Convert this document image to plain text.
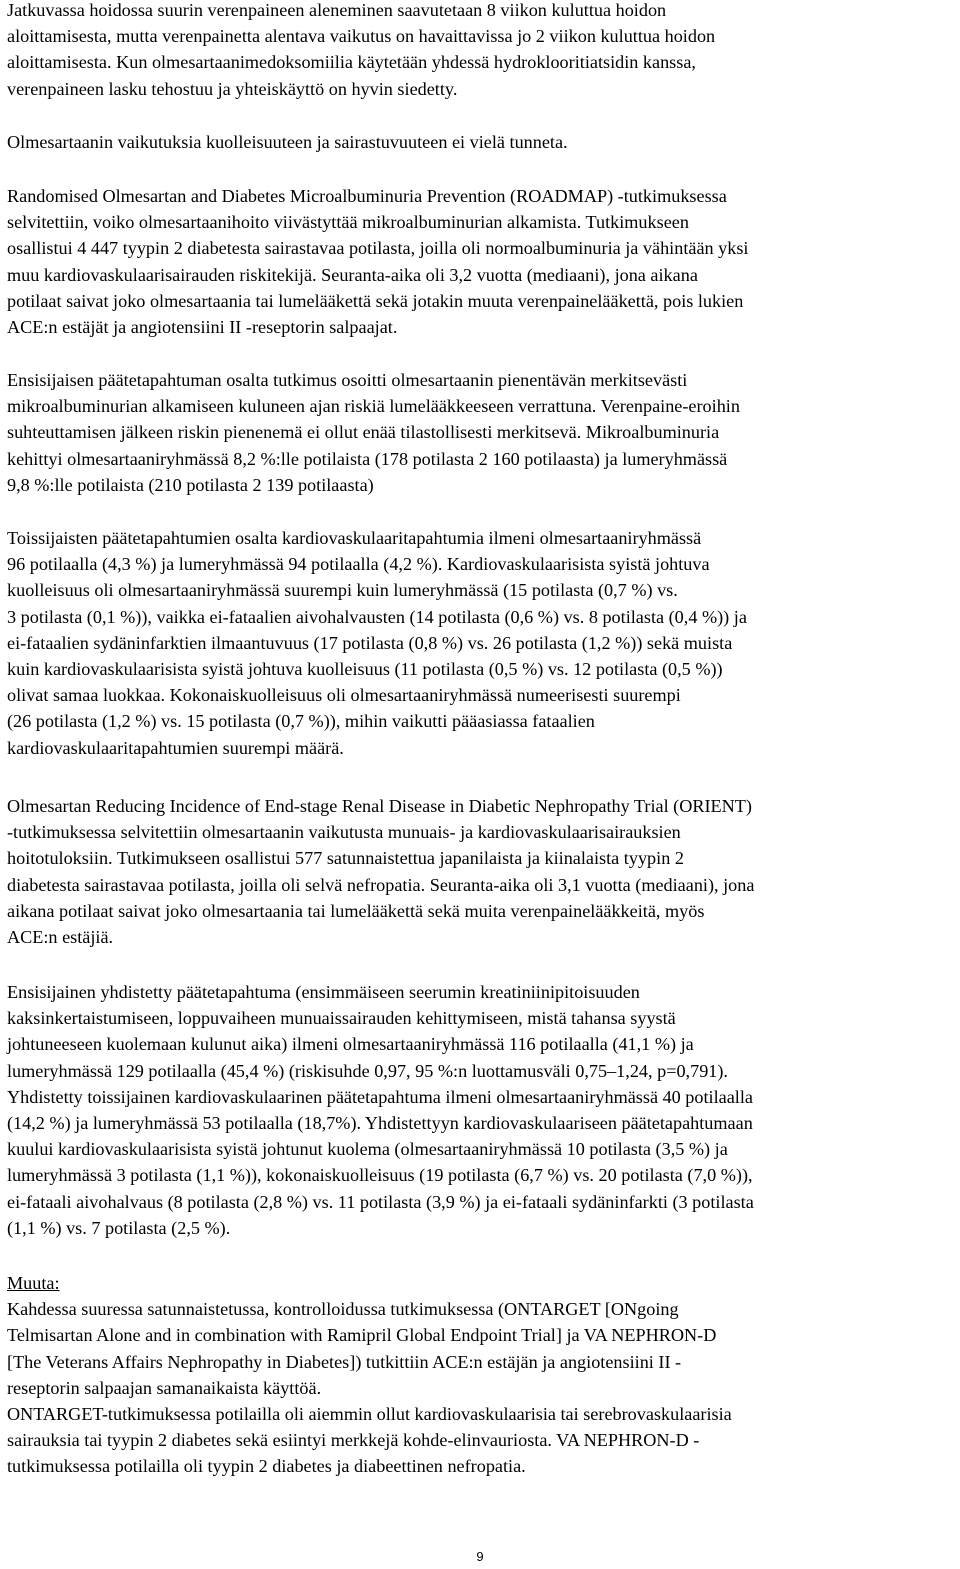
Jatkuvassa hoidossa suurin verenpaineen aleneminen saavutetaan 8 viikon kuluttua hoidon
aloittamisesta, mutta verenpainetta alentava vaikutus on havaittavissa jo 2 viikon kuluttua hoidon
aloittamisesta. Kun olmesartaanimedoksomiilia käytetään yhdessä hydroklooritiatsidin kanssa,
verenpaineen lasku tehostuu ja yhteiskäyttö on hyvin siedetty.
Olmesartaanin vaikutuksia kuolleisuuteen ja sairastuvuuteen ei vielä tunneta.
Randomised Olmesartan and Diabetes Microalbuminuria Prevention (ROADMAP) -tutkimuksessa
selvitettiin, voiko olmesartaanihoito viivästyttää mikroalbuminurian alkamista. Tutkimukseen
osallistui 4 447 tyypin 2 diabetesta sairastavaa potilasta, joilla oli normoalbuminuria ja vähintään yksi
muu kardiovaskulaarisairauden riskitekijä. Seuranta-aika oli 3,2 vuotta (mediaani), jona aikana
potilaat saivat joko olmesartaania tai lumelääkettä sekä jotakin muuta verenpainelääkettä, pois lukien
ACE:n estäjät ja angiotensiini II -reseptorin salpaajat.
Ensisijaisen päätetapahtuman osalta tutkimus osoitti olmesartaanin pienentävän merkitsevästi
mikroalbuminurian alkamiseen kuluneen ajan riskiä lumelääkkeeseen verrattuna. Verenpaine-eroihin
suhteuttamisen jälkeen riskin pienenemä ei ollut enää tilastollisesti merkitsevä. Mikroalbuminuria
kehittyi olmesartaaniryhmässä 8,2 %:lle potilaista (178 potilasta 2 160 potilaasta) ja lumeryhmässä
9,8 %:lle potilaista (210 potilasta 2 139 potilaasta)
Toissijaisten päätetapahtumien osalta kardiovaskulaaritapahtumia ilmeni olmesartaaniryhmässä
96 potilaalla (4,3 %) ja lumeryhmässä 94 potilaalla (4,2 %). Kardiovaskulaarisista syistä johtuva
kuolleisuus oli olmesartaaniryhmässä suurempi kuin lumeryhmässä (15 potilasta (0,7 %) vs.
3 potilasta (0,1 %)), vaikka ei-fataalien aivohalvausten (14 potilasta (0,6 %) vs. 8 potilasta (0,4 %)) ja
ei-fataalien sydäninfarktien ilmaantuvuus (17 potilasta (0,8 %) vs. 26 potilasta (1,2 %)) sekä muista
kuin kardiovaskulaarisista syistä johtuva kuolleisuus (11 potilasta (0,5 %) vs. 12 potilasta (0,5 %))
olivat samaa luokkaa. Kokonaiskuolleisuus oli olmesartaaniryhmässä numeerisesti suurempi
(26 potilasta (1,2 %) vs. 15 potilasta (0,7 %)), mihin vaikutti pääasiassa fataalien
kardiovaskulaaritapahtumien suurempi määrä.
Olmesartan Reducing Incidence of End-stage Renal Disease in Diabetic Nephropathy Trial (ORIENT)
-tutkimuksessa selvitettiin olmesartaanin vaikutusta munuais- ja kardiovaskulaarisairauksien
hoitotuloksiin. Tutkimukseen osallistui 577 satunnaistettua japanilaista ja kiinalaista tyypin 2
diabetesta sairastavaa potilasta, joilla oli selvä nefropatia. Seuranta-aika oli 3,1 vuotta (mediaani), jona
aikana potilaat saivat joko olmesartaania tai lumelääkettä sekä muita verenpainelääkkeitä, myös
ACE:n estäjiä.
Ensisijainen yhdistetty päätetapahtuma (ensimmäiseen seerumin kreatiniinipitoisuuden
kaksinkertaistumiseen, loppuvaiheen munuaissairauden kehittymiseen, mistä tahansa syystä
johtuneeseen kuolemaan kulunut aika) ilmeni olmesartaaniryhmässä 116 potilaalla (41,1 %) ja
lumeryhmässä 129 potilaalla (45,4 %) (riskisuhde 0,97, 95 %:n luottamusväli 0,75–1,24, p=0,791).
Yhdistetty toissijainen kardiovaskulaarinen päätetapahtuma ilmeni olmesartaaniryhmässä 40 potilaalla
(14,2 %) ja lumeryhmässä 53 potilaalla (18,7%). Yhdistettyyn kardiovaskulaariseen päätetapahtumaan
kuului kardiovaskulaarisista syistä johtunut kuolema (olmesartaaniryhmässä 10 potilasta (3,5 %) ja
lumeryhmässä 3 potilasta (1,1 %)), kokonaiskuolleisuus (19 potilasta (6,7 %) vs. 20 potilasta (7,0 %)),
ei-fataali aivohalvaus (8 potilasta (2,8 %) vs. 11 potilasta (3,9 %) ja ei-fataali sydäninfarkti (3 potilasta
(1,1 %) vs. 7 potilasta (2,5 %).
Muuta:
Kahdessa suuressa satunnaistetussa, kontrolloidussa tutkimuksessa (ONTARGET [ONgoing
Telmisartan Alone and in combination with Ramipril Global Endpoint Trial] ja VA NEPHRON-D
[The Veterans Affairs Nephropathy in Diabetes]) tutkittiin ACE:n estäjän ja angiotensiini II -
reseptorin salpaajan samanaikaista käyttöä.
ONTARGET-tutkimuksessa potilailla oli aiemmin ollut kardiovaskulaarisia tai serebrovaskulaarisia
sairauksia tai tyypin 2 diabetes sekä esiintyi merkkejä kohde-elinvauriosta. VA NEPHRON-D -
tutkimuksessa potilailla oli tyypin 2 diabetes ja diabeettinen nefropatia.
9
